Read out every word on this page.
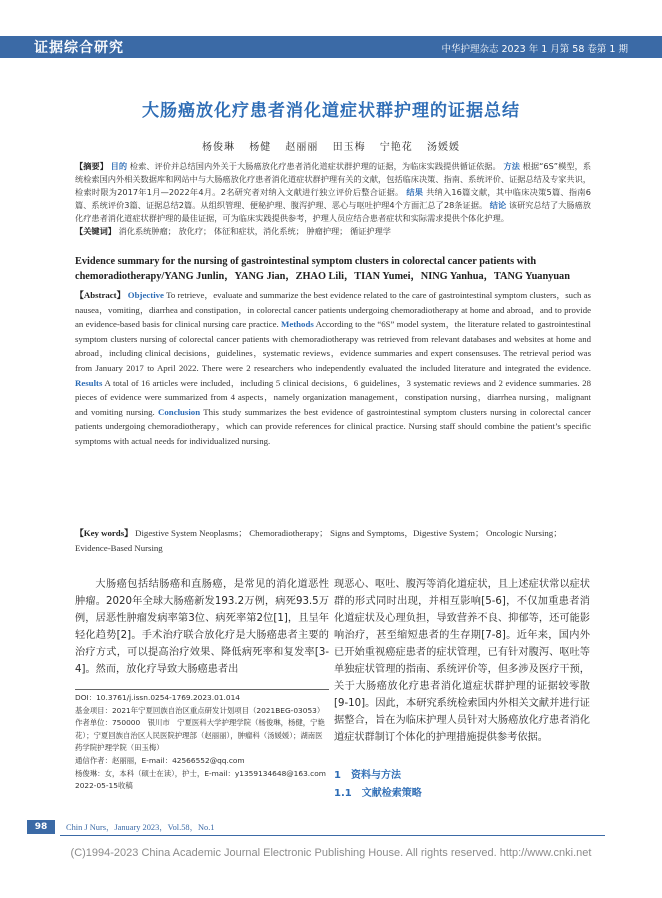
证据综合研究	中华护理杂志 2023 年 1 月第 58 卷第 1 期
大肠癌放化疗患者消化道症状群护理的证据总结
杨俊琳 杨健 赵丽丽 田玉梅 宁艳花 汤媛媛
【摘要】 目的 检索、评价并总结国内外关于大肠癌放化疗患者消化道症状群护理的证据，为临床实践提供循证依据。 方法 根据“6S”模型，系统检索国内外相关数据库和网站中与大肠癌放化疗患者消化道症状群护理有关的文献，包括临床决策、指南、系统评价、证据总结及专家共识，检索时限为2017年1月—2022年4月。2名研究者对纳入文献进行独立评价后整合证据。 结果 共纳入16篇文献，其中临床决策5篇、指南6篇、系统评价3篇、证据总结2篇。从组织管理、便秘护理、腹泻护理、恶心与呕吐护理4个方面汇总了28条证据。 结论 该研究总结了大肠癌放化疗患者消化道症状群护理的最佳证据，可为临床实践提供参考，护理人员应结合患者症状和实际需求提供个体化护理。
【关键词】 消化系统肿瘤； 放化疗； 体征和症状，消化系统； 肿瘤护理； 循证护理学
Evidence summary for the nursing of gastrointestinal symptom clusters in colorectal cancer patients with chemoradiotherapy/YANG Junlin，YANG Jian，ZHAO Lili，TIAN Yumei，NING Yanhua，TANG Yuanyuan
【Abstract】 Objective To retrieve，evaluate and summarize the best evidence related to the care of gastrointestinal symptom clusters，such as nausea，vomiting，diarrhea and constipation，in colorectal cancer patients undergoing chemoradiotherapy at home and abroad，and to provide an evidence-based basis for clinical nursing care practice. Methods According to the “6S” model system，the literature related to gastrointestinal symptom clusters nursing of colorectal cancer patients with chemoradiotherapy was retrieved from relevant databases and websites at home and abroad，including clinical decisions，guidelines，systematic reviews，evidence summaries and expert consensuses. The retrieval period was from January 2017 to April 2022. There were 2 researchers who independently evaluated the included literature and integrated the evidence. Results A total of 16 articles were included，including 5 clinical decisions，6 guidelines，3 systematic reviews and 2 evidence summaries. 28 pieces of evidence were summarized from 4 aspects，namely organization management，constipation nursing，diarrhea nursing，malignant and vomiting nursing. Conclusion This study summarizes the best evidence of gastrointestinal symptom clusters nursing in colorectal cancer patients undergoing chemoradiotherapy，which can provide references for clinical practice. Nursing staff should combine the patient’s specific symptoms with actual needs for individualized nursing.
【Key words】 Digestive System Neoplasms； Chemoradiotherapy； Signs and Symptoms，Digestive System； Oncologic Nursing； Evidence-Based Nursing

大肠癌包括结肠癌和直肠癌，是常见的消化道恶性肿瘤。2020年全球大肠癌新发193.2万例，病死93.5万例，居恶性肿瘤发病率第3位、病死率第2位[1]，且呈年轻化趋势[2]。手术治疗联合放化疗是大肠癌患者主要的治疗方式，可以提高治疗效果、降低病死率和复发率[3-4]。然而，放化疗导致大肠癌患者出

DOI：10.3761/j.issn.0254-1769.2023.01.014
基金项目：2021年宁夏回族自治区重点研发计划项目（2021BEG-03053）
作者单位：750000　银川市　宁夏医科大学护理学院（杨俊琳，杨健，宁艳花）；宁夏回族自治区人民医院护理部（赵丽丽），肿瘤科（汤媛媛）；湖南医药学院护理学院（田玉梅）
通信作者：赵丽丽，E-mail：42566552@qq.com
杨俊琳：女，本科（硕士在读），护士，E-mail：y1359134648@163.com
2022-05-15收稿

现恶心、呕吐、腹泻等消化道症状，且上述症状常以症状群的形式同时出现，并相互影响[5-6]，不仅加重患者消化道症状及心理负担，导致营养不良、抑郁等，还可能影响治疗，甚至缩短患者的生存期[7-8]。近年来，国内外已开始重视癌症患者的症状管理，已有针对腹泻、呕吐等单独症状管理的指南、系统评价等，但多涉及医疗干预，关于大肠癌放化疗患者消化道症状群护理的证据较零散[9-10]。因此，本研究系统检索国内外相关文献并进行证据整合，旨在为临床护理人员针对大肠癌放化疗患者消化道症状群制订个体化的护理措施提供参考依据。

1　资料与方法
1.1　文献检索策略
98	Chin J Nurs，January 2023，Vol.58，No.1
(C)1994-2023 China Academic Journal Electronic Publishing House. All rights reserved. http://www.cnki.net
